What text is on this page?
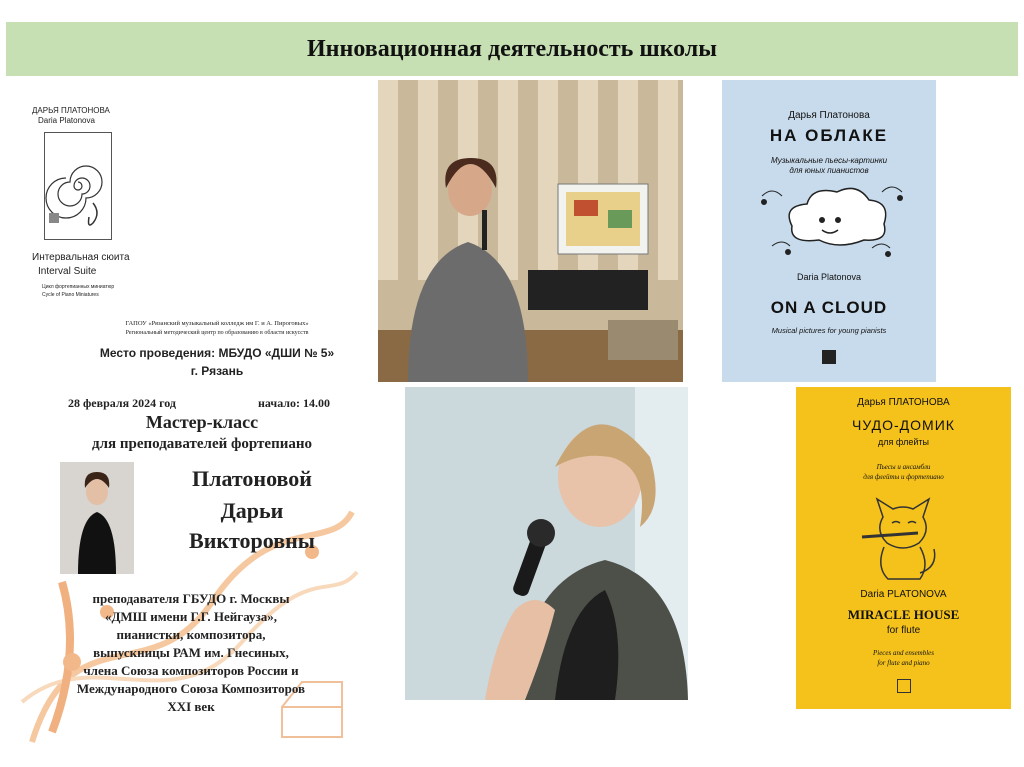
Инновационная деятельность школы
ДАРЬЯ ПЛАТОНОВА
Daria Platonova
Интервальная сюита
Interval Suite
Цикл фортепианных миниатюр
Cycle of Piano Miniatures
ГАПОУ «Рязанский музыкальный колледж им Г. и А. Пироговых»
Региональный методический центр по образованию в области искусств
Место проведения: МБУДО «ДШИ № 5»
г. Рязань
28 февраля 2024 год	начало: 14.00
Мастер-класс
для преподавателей фортепиано
Платоновой
Дарьи
Викторовны
преподавателя ГБУДО г. Москвы
«ДМШ имени Г.Г. Нейгауза»,
пианистки, композитора,
выпускницы РАМ им. Гнесиных,
члена Союза композиторов России и
Международного Союза Композиторов
XXI век
Дарья Платонова
НА ОБЛАКЕ
Музыкальные пьесы-картинки
для юных пианистов
Daria Platonova
ON A CLOUD
Musical pictures for young pianists
Дарья ПЛАТОНОВА
ЧУДО-ДОМИК
для флейты
Пьесы и ансамбли
для флейты и фортепиано
Daria PLATONOVA
MIRACLE HOUSE
for flute
Pieces and ensembles
for flute and piano
